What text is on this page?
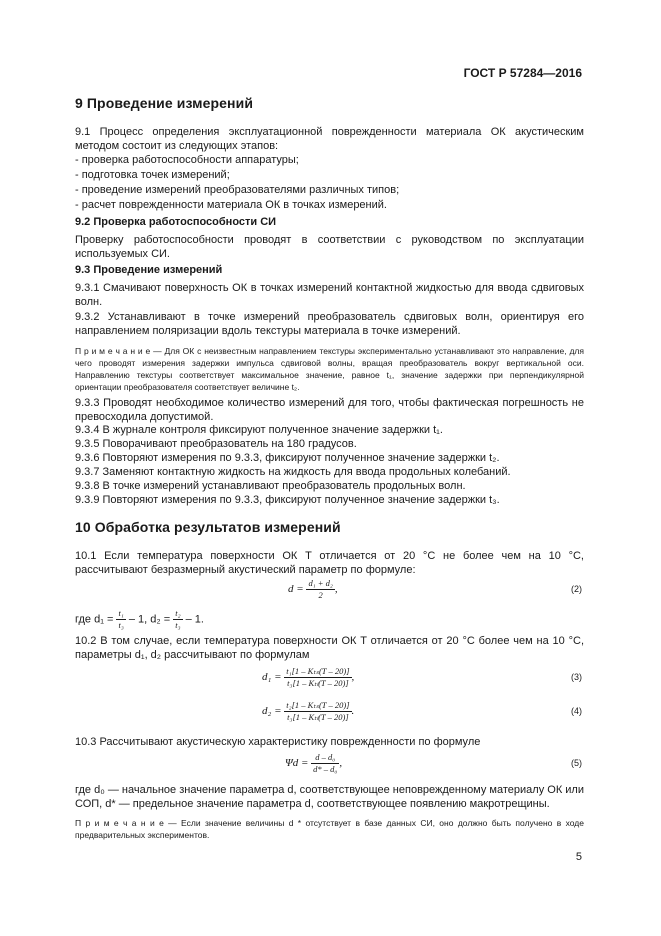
ГОСТ Р 57284—2016
9 Проведение измерений
9.1 Процесс определения эксплуатационной поврежденности материала ОК акустическим методом состоит из следующих этапов:
- проверка работоспособности аппаратуры;
- подготовка точек измерений;
- проведение измерений преобразователями различных типов;
- расчет поврежденности материала ОК в точках измерений.
9.2 Проверка работоспособности СИ
Проверку работоспособности проводят в соответствии с руководством по эксплуатации используемых СИ.
9.3 Проведение измерений
9.3.1 Смачивают поверхность ОК в точках измерений контактной жидкостью для ввода сдвиговых волн.
9.3.2 Устанавливают в точке измерений преобразователь сдвиговых волн, ориентируя его направлением поляризации вдоль текстуры материала в точке измерений.
П р и м е ч а н и е — Для ОК с неизвестным направлением текстуры экспериментально устанавливают это направление, для чего проводят измерения задержки импульса сдвиговой волны, вращая преобразователь вокруг вертикальной оси. Направлению текстуры соответствует максимальное значение, равное t₁, значение задержки при перпендикулярной ориентации преобразователя соответствует величине t₂.
9.3.3 Проводят необходимое количество измерений для того, чтобы фактическая погрешность не превосходила допустимой.
9.3.4 В журнале контроля фиксируют полученное значение задержки t₁.
9.3.5 Поворачивают преобразователь на 180 градусов.
9.3.6 Повторяют измерения по 9.3.3, фиксируют полученное значение задержки t₂.
9.3.7 Заменяют контактную жидкость на жидкость для ввода продольных колебаний.
9.3.8 В точке измерений устанавливают преобразователь продольных волн.
9.3.9 Повторяют измерения по 9.3.3, фиксируют полученное значение задержки t₃.
10 Обработка результатов измерений
10.1 Если температура поверхности ОК T отличается от 20 °С не более чем на 10 °С, рассчитывают безразмерный акустический параметр по формуле:
$d = \frac{\text{d₁ + d₂}}{2}$ ,	(2)
где $d_1 = \frac{\text{t₁}}{\text{t₃}} - 1$, $d_2 = \frac{\text{t₂}}{\text{t₃}} - 1$.
10.2 В том случае, если температура поверхности ОК T отличается от 20 °С более чем на 10 °С, параметры d₁, d₂ рассчитывают по формулам
$d_1 = \frac{\text{t₁[1 – Kₜₛ(T – 20)]}}{\text{t₃[1 – Kₜₗ(T – 20)]}}$ ,	(3)
$d_2 = \frac{\text{t₂[1 – Kₜₛ(T – 20)]}}{\text{t₃[1 – Kₜₗ(T – 20)]}}$ .	(4)
10.3 Рассчитывают акустическую характеристику поврежденности по формуле
$\Psi d = \frac{\text{d – d₀}}{\text{d* – d₀}}$ ,	(5)
где d₀ — начальное значение параметра d, соответствующее неповрежденному материалу ОК или СОП, d* — предельное значение параметра d, соответствующее появлению макротрещины.
П р и м е ч а н и е — Если значение величины d * отсутствует в базе данных СИ, оно должно быть получено в ходе предварительных экспериментов.
5
